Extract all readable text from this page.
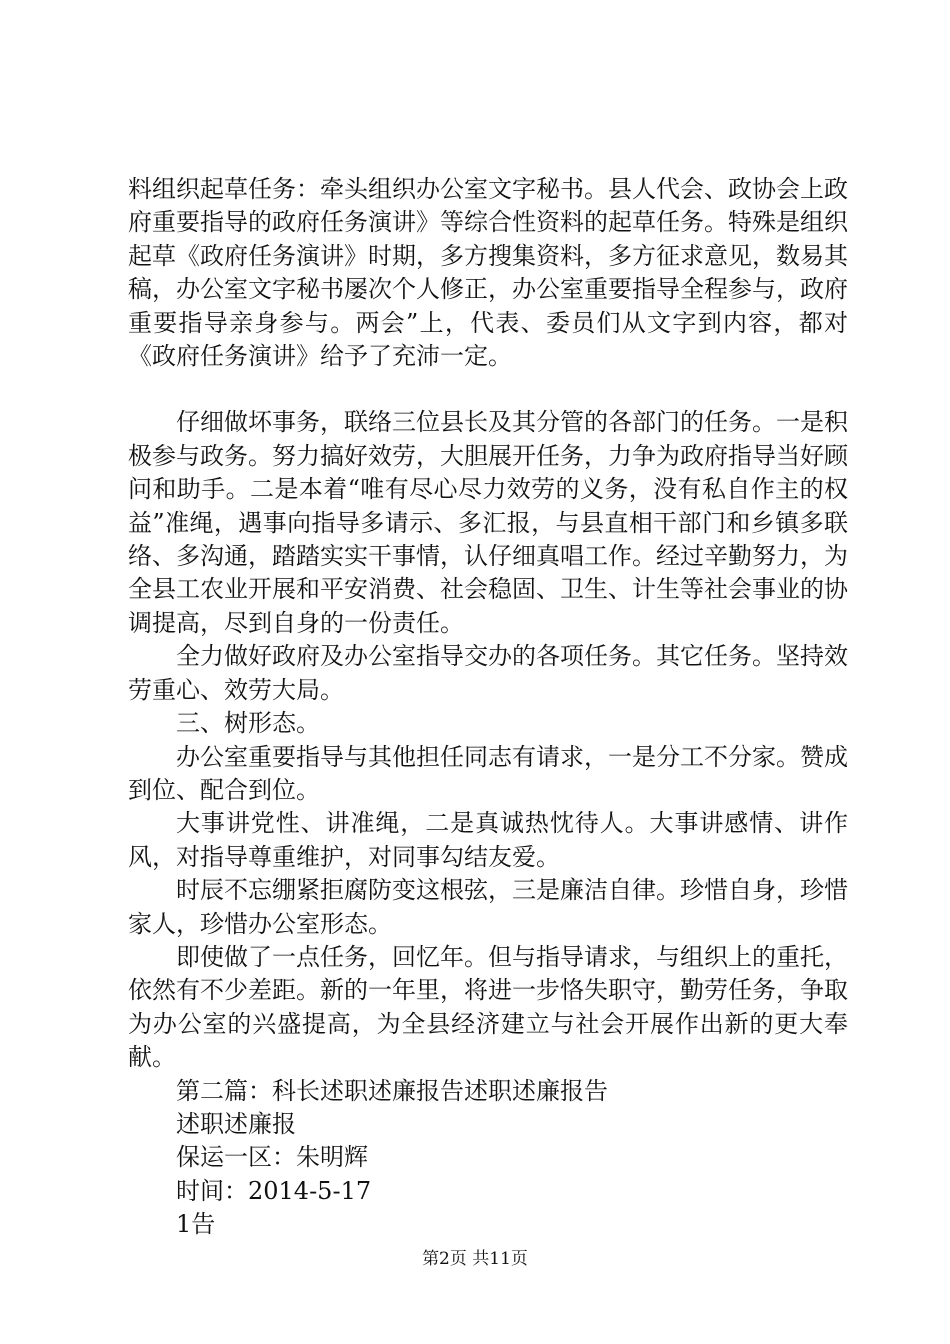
料组织起草任务：牵头组织办公室文字秘书。县人代会、政协会上政府重要指导的政府任务演讲》等综合性资料的起草任务。特殊是组织起草《政府任务演讲》时期，多方搜集资料，多方征求意见，数易其稿，办公室文字秘书屡次个人修正，办公室重要指导全程参与，政府重要指导亲身参与。两会”上，代表、委员们从文字到内容，都对《政府任务演讲》给予了充沛一定。

仔细做坏事务，联络三位县长及其分管的各部门的任务。一是积极参与政务。努力搞好效劳，大胆展开任务，力争为政府指导当好顾问和助手。二是本着“唯有尽心尽力效劳的义务，没有私自作主的权益”准绳，遇事向指导多请示、多汇报，与县直相干部门和乡镇多联络、多沟通，踏踏实实干事情，认仔细真唱工作。经过辛勤努力，为全县工农业开展和平安消费、社会稳固、卫生、计生等社会事业的协调提高，尽到自身的一份责任。

全力做好政府及办公室指导交办的各项任务。其它任务。坚持效劳重心、效劳大局。

三、树形态。

办公室重要指导与其他担任同志有请求，一是分工不分家。赞成到位、配合到位。

大事讲党性、讲准绳，二是真诚热忱待人。大事讲感情、讲作风，对指导尊重维护，对同事勾结友爱。

时辰不忘绷紧拒腐防变这根弦，三是廉洁自律。珍惜自身，珍惜家人，珍惜办公室形态。

即使做了一点任务，回忆年。但与指导请求，与组织上的重托，依然有不少差距。新的一年里，将进一步恪失职守，勤劳任务，争取为办公室的兴盛提高，为全县经济建立与社会开展作出新的更大奉献。

第二篇：科长述职述廉报告述职述廉报告

述职述廉报

保运一区：朱明辉

时间：2014-5-17

1告

第2页 共11页
